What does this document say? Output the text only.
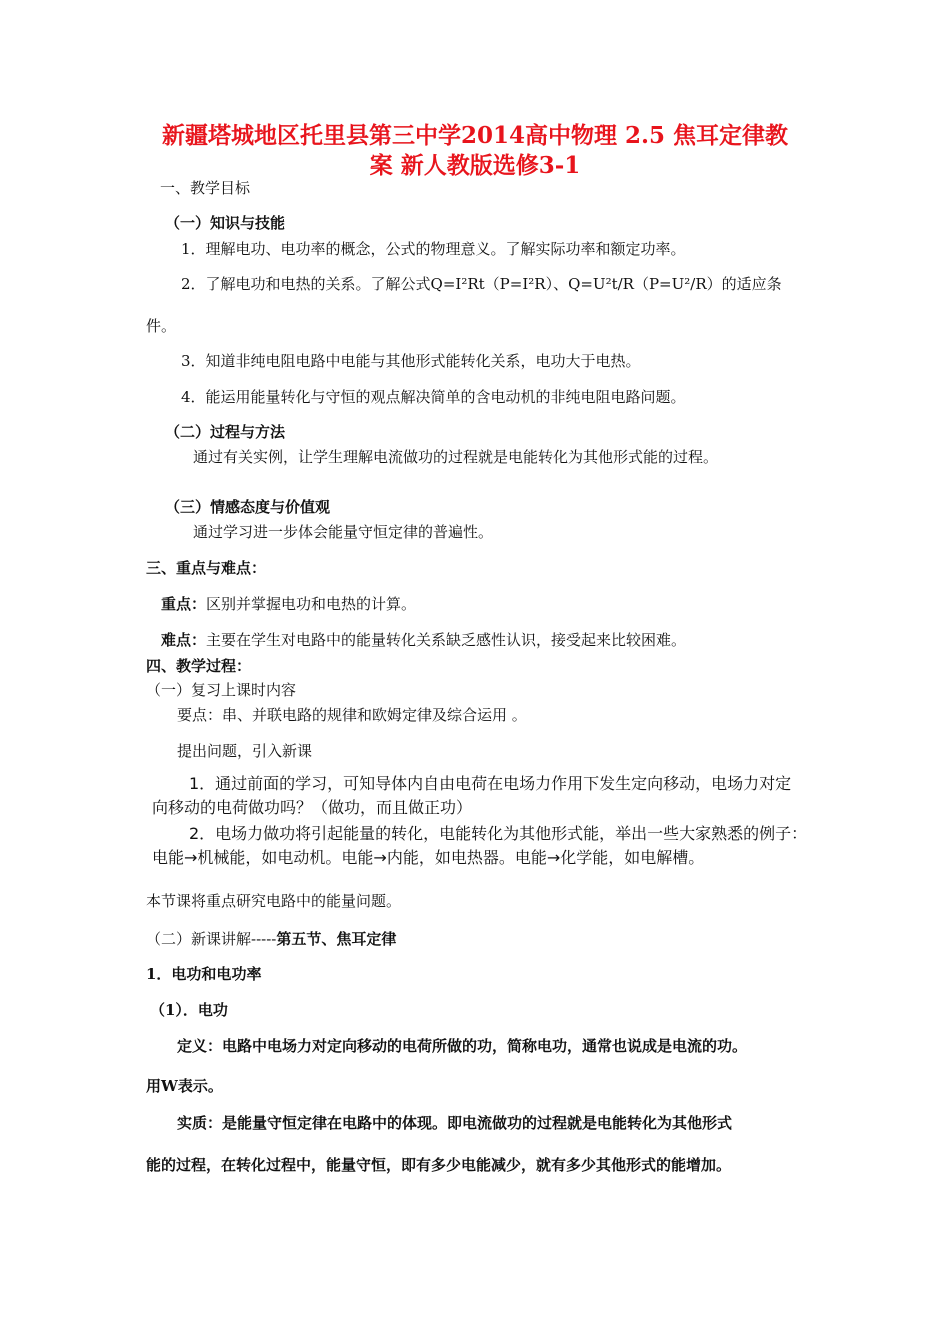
新疆塔城地区托里县第三中学2014高中物理 2.5 焦耳定律教
案 新人教版选修3-1
一、教学目标
（一）知识与技能
1．理解电功、电功率的概念，公式的物理意义。了解实际功率和额定功率。
2．了解电功和电热的关系。了解公式Q=I²Rt（P=I²R）、Q=U²t/R（P=U²/R）的适应条
件。
3．知道非纯电阻电路中电能与其他形式能转化关系，电功大于电热。
4．能运用能量转化与守恒的观点解决简单的含电动机的非纯电阻电路问题。
（二）过程与方法
通过有关实例，让学生理解电流做功的过程就是电能转化为其他形式能的过程。
（三）情感态度与价值观
通过学习进一步体会能量守恒定律的普遍性。
三、重点与难点：
重点：区别并掌握电功和电热的计算。
难点：主要在学生对电路中的能量转化关系缺乏感性认识，接受起来比较困难。
四、教学过程：
（一）复习上课时内容
要点：串、并联电路的规律和欧姆定律及综合运用 。
提出问题，引入新课
1．通过前面的学习，可知导体内自由电荷在电场力作用下发生定向移动，电场力对定
向移动的电荷做功吗？（做功，而且做正功）
2．电场力做功将引起能量的转化，电能转化为其他形式能，举出一些大家熟悉的例子：
电能→机械能，如电动机。电能→内能，如电热器。电能→化学能，如电解槽。
本节课将重点研究电路中的能量问题。
（二）新课讲解-----第五节、焦耳定律
1．电功和电功率
（1）．电功
定义：电路中电场力对定向移动的电荷所做的功，简称电功，通常也说成是电流的功。
用W表示。
实质：是能量守恒定律在电路中的体现。即电流做功的过程就是电能转化为其他形式
能的过程，在转化过程中，能量守恒，即有多少电能减少，就有多少其他形式的能增加。
